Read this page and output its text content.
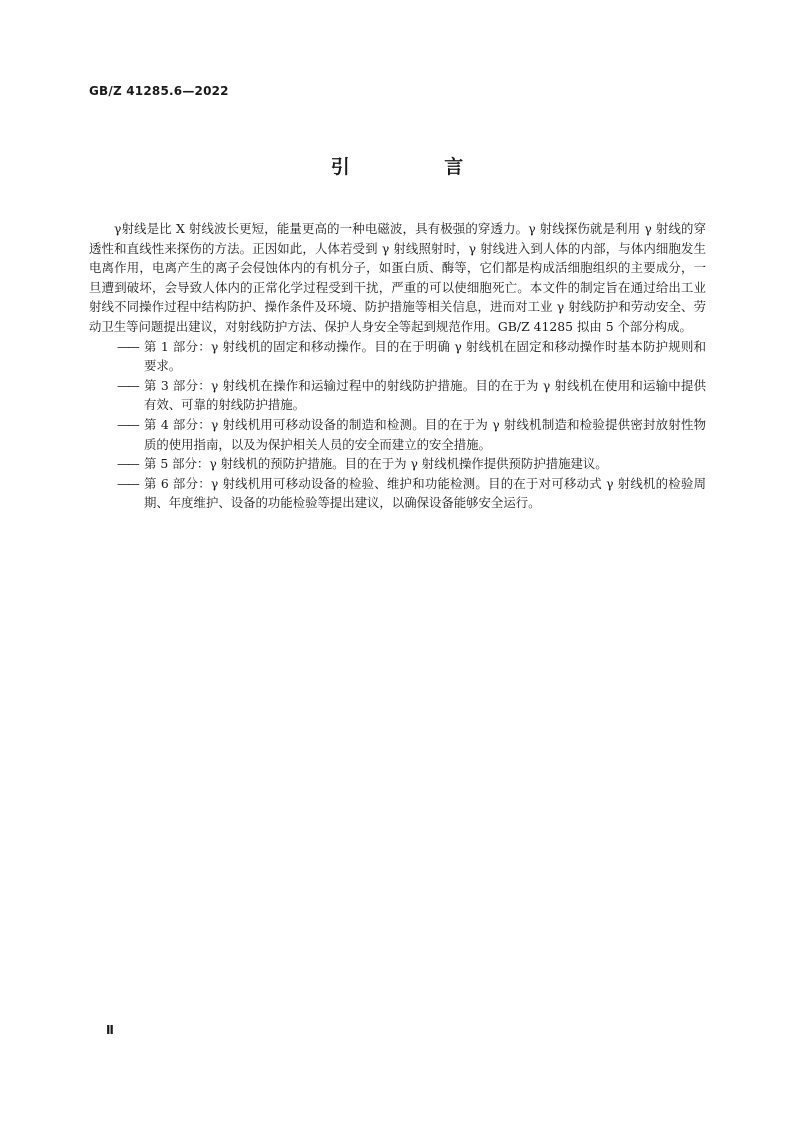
GB/Z 41285.6—2022
引 言

γ射线是比 X 射线波长更短，能量更高的一种电磁波，具有极强的穿透力。γ 射线探伤就是利用 γ 射线的穿透性和直线性来探伤的方法。正因如此，人体若受到 γ 射线照射时，γ 射线进入到人体的内部，与体内细胞发生电离作用，电离产生的离子会侵蚀体内的有机分子，如蛋白质、酶等，它们都是构成活细胞组织的主要成分，一旦遭到破坏，会导致人体内的正常化学过程受到干扰，严重的可以使细胞死亡。本文件的制定旨在通过给出工业射线不同操作过程中结构防护、操作条件及环境、防护措施等相关信息，进而对工业 γ 射线防护和劳动安全、劳动卫生等问题提出建议，对射线防护方法、保护人身安全等起到规范作用。GB/Z 41285 拟由 5 个部分构成。

—— 第 1 部分：γ 射线机的固定和移动操作。目的在于明确 γ 射线机在固定和移动操作时基本防护规则和要求。

—— 第 3 部分：γ 射线机在操作和运输过程中的射线防护措施。目的在于为 γ 射线机在使用和运输中提供有效、可靠的射线防护措施。

—— 第 4 部分：γ 射线机用可移动设备的制造和检测。目的在于为 γ 射线机制造和检验提供密封放射性物质的使用指南，以及为保护相关人员的安全而建立的安全措施。

—— 第 5 部分：γ 射线机的预防护措施。目的在于为 γ 射线机操作提供预防护措施建议。

—— 第 6 部分：γ 射线机用可移动设备的检验、维护和功能检测。目的在于对可移动式 γ 射线机的检验周期、年度维护、设备的功能检验等提出建议，以确保设备能够安全运行。

Ⅱ
